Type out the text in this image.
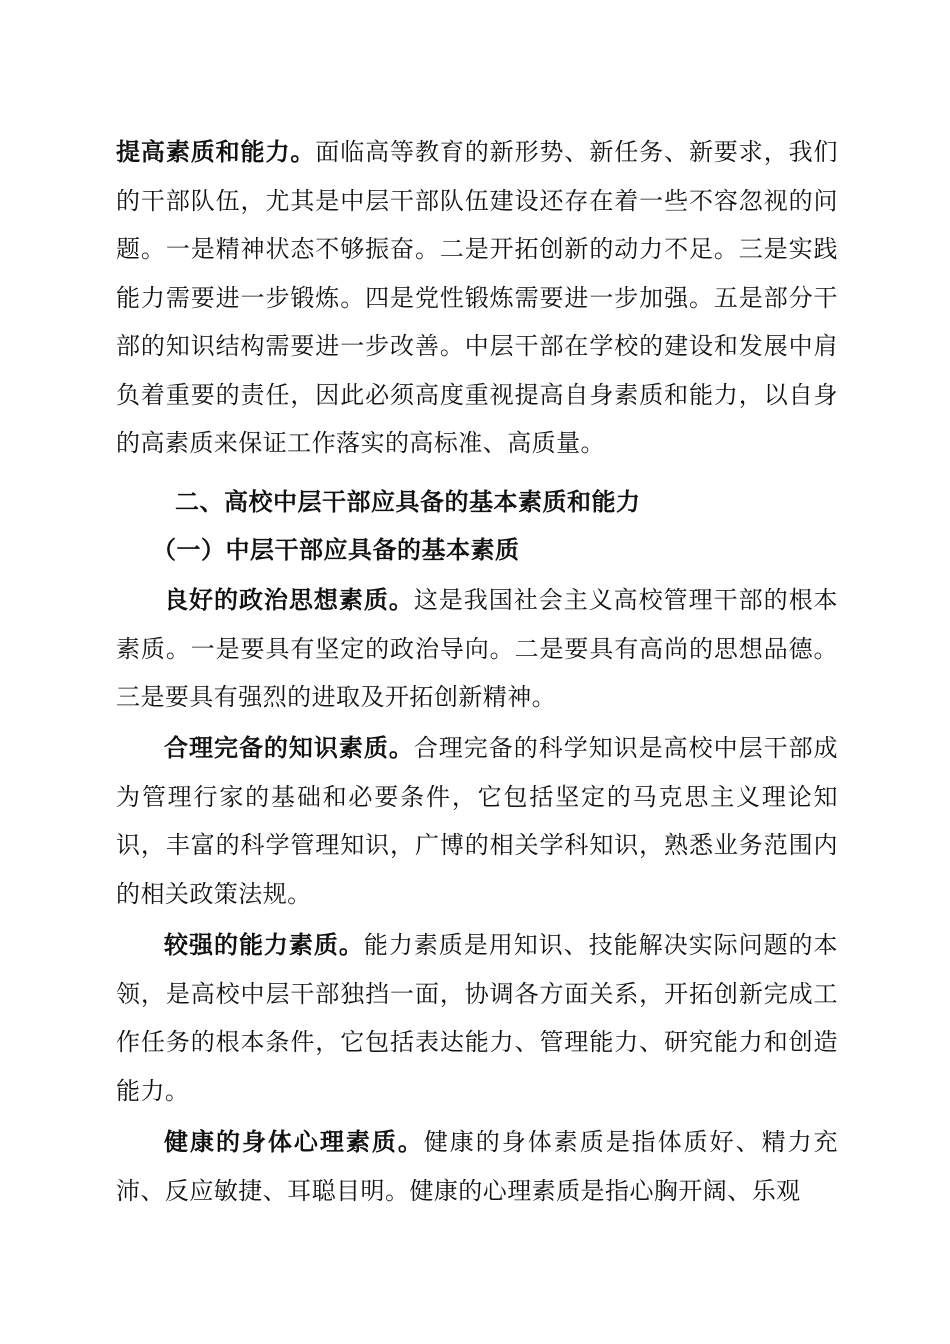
提高素质和能力。面临高等教育的新形势、新任务、新要求，我们的干部队伍，尤其是中层干部队伍建设还存在着一些不容忽视的问题。一是精神状态不够振奋。二是开拓创新的动力不足。三是实践能力需要进一步锻炼。四是党性锻炼需要进一步加强。五是部分干部的知识结构需要进一步改善。中层干部在学校的建设和发展中肩负着重要的责任，因此必须高度重视提高自身素质和能力，以自身的高素质来保证工作落实的高标准、高质量。

二、高校中层干部应具备的基本素质和能力
（一）中层干部应具备的基本素质

良好的政治思想素质。这是我国社会主义高校管理干部的根本素质。一是要具有坚定的政治导向。二是要具有高尚的思想品德。三是要具有强烈的进取及开拓创新精神。

合理完备的知识素质。合理完备的科学知识是高校中层干部成为管理行家的基础和必要条件，它包括坚定的马克思主义理论知识，丰富的科学管理知识，广博的相关学科知识，熟悉业务范围内的相关政策法规。

较强的能力素质。能力素质是用知识、技能解决实际问题的本领，是高校中层干部独挡一面，协调各方面关系，开拓创新完成工作任务的根本条件，它包括表达能力、管理能力、研究能力和创造能力。

健康的身体心理素质。健康的身体素质是指体质好、精力充沛、反应敏捷、耳聪目明。健康的心理素质是指心胸开阔、乐观
